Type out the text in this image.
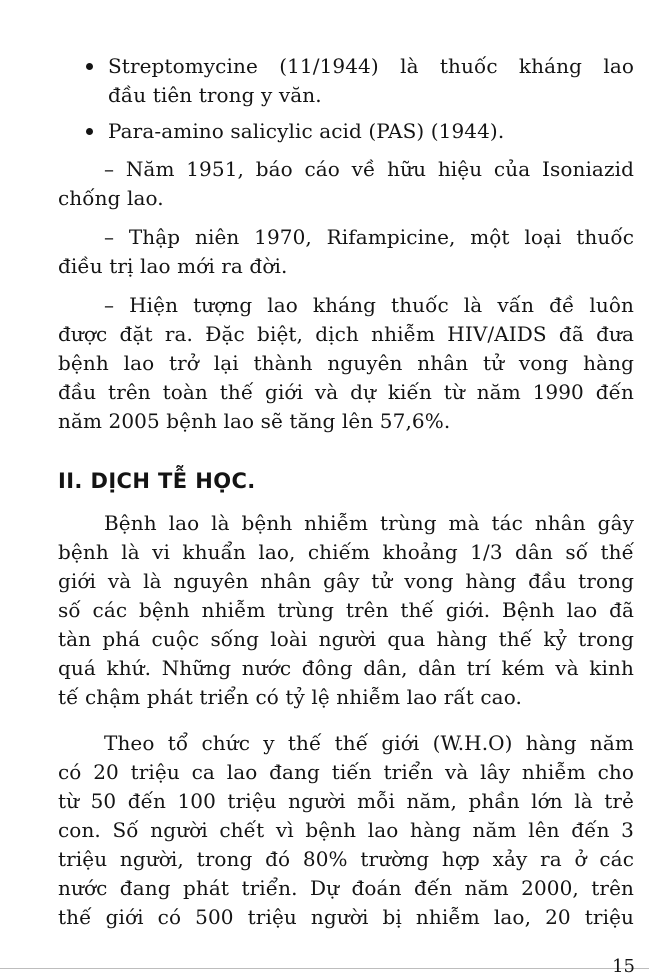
Streptomycine (11/1944) là thuốc kháng lao
đầu tiên trong y văn.
Para-amino salicylic acid (PAS) (1944).
– Năm 1951, báo cáo về hữu hiệu của Isoniazid
chống lao.
– Thập niên 1970, Rifampicine, một loại thuốc
điều trị lao mới ra đời.
– Hiện tượng lao kháng thuốc là vấn đề luôn
được đặt ra. Đặc biệt, dịch nhiễm HIV/AIDS đã đưa
bệnh lao trở lại thành nguyên nhân tử vong hàng
đầu trên toàn thế giới và dự kiến từ năm 1990 đến
năm 2005 bệnh lao sẽ tăng lên 57,6%.
II. DỊCH TỄ HỌC.
Bệnh lao là bệnh nhiễm trùng mà tác nhân gây
bệnh là vi khuẩn lao, chiếm khoảng 1/3 dân số thế
giới và là nguyên nhân gây tử vong hàng đầu trong
số các bệnh nhiễm trùng trên thế giới. Bệnh lao đã
tàn phá cuộc sống loài người qua hàng thế kỷ trong
quá khứ. Những nước đông dân, dân trí kém và kinh
tế chậm phát triển có tỷ lệ nhiễm lao rất cao.
Theo tổ chức y thế thế giới (W.H.O) hàng năm
có 20 triệu ca lao đang tiến triển và lây nhiễm cho
từ 50 đến 100 triệu người mỗi năm, phần lớn là trẻ
con. Số người chết vì bệnh lao hàng năm lên đến 3
triệu người, trong đó 80% trường hợp xảy ra ở các
nước đang phát triển. Dự đoán đến năm 2000, trên
thế giới có 500 triệu người bị nhiễm lao, 20 triệu
15
